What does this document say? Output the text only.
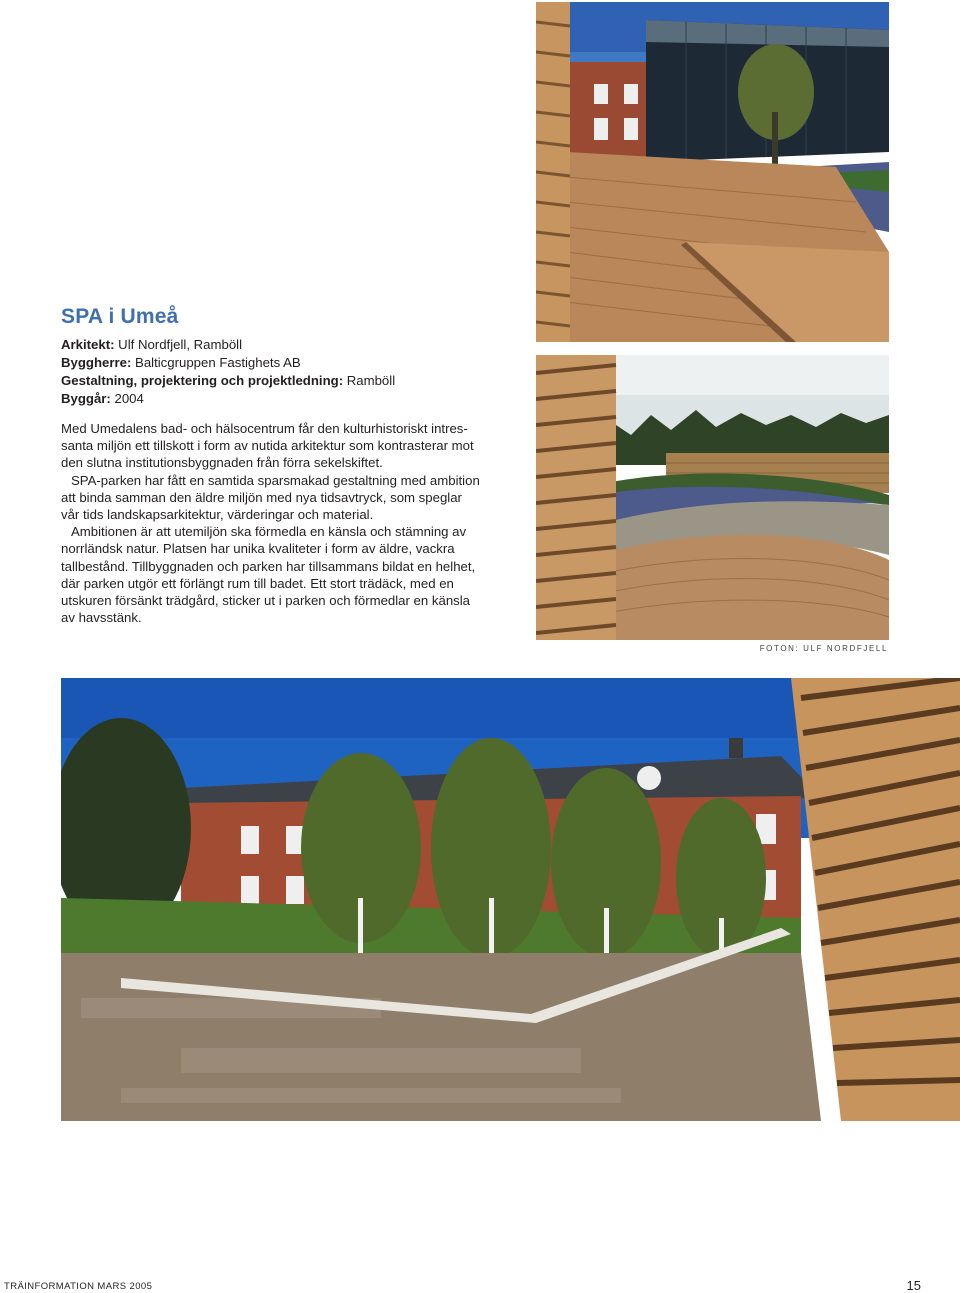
SPA i Umeå
Arkitekt: Ulf Nordfjell, Ramböll
Byggherre: Balticgruppen Fastighets AB
Gestaltning, projektering och projektledning: Ramböll
Byggår: 2004
Med Umedalens bad- och hälsocentrum får den kulturhistoriskt intres-
santa miljön ett tillskott i form av nutida arkitektur som kontrasterar mot
den slutna institutionsbyggnaden från förra sekelskiftet.
SPA-parken har fått en samtida sparsmakad gestaltning med ambition
att binda samman den äldre miljön med nya tidsavtryck, som speglar
vår tids landskapsarkitektur, värderingar och material.
Ambitionen är att utemiljön ska förmedla en känsla och stämning av
norrländsk natur. Platsen har unika kvaliteter i form av äldre, vackra
tallbestånd. Tillbyggnaden och parken har tillsammans bildat en helhet,
där parken utgör ett förlängt rum till badet. Ett stort trädäck, med en
utskuren försänkt trädgård, sticker ut i parken och förmedlar en känsla
av havsstänk.
FOTON: ULF NORDFJELL
TRÄINFORMATION MARS 2005	15
